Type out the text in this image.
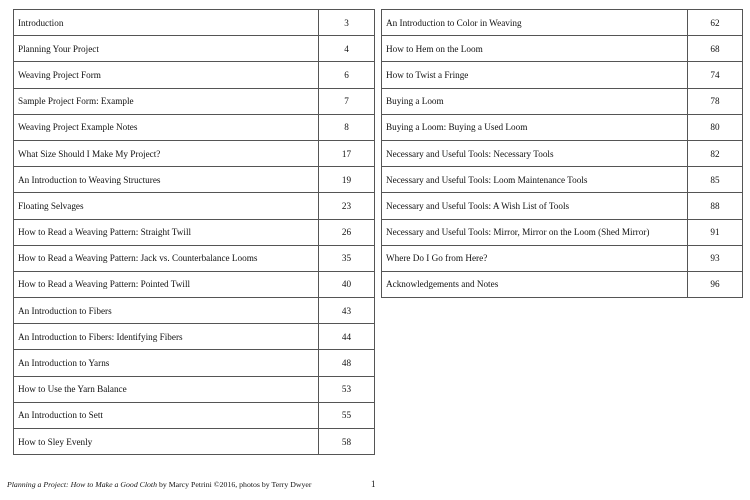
Introduction	3
Planning Your Project	4
Weaving Project Form	6
Sample Project Form: Example	7
Weaving Project Example Notes	8
What Size Should I Make My Project?	17
An Introduction to Weaving Structures	19
Floating Selvages	23
How to Read a Weaving Pattern: Straight Twill	26
How to Read a Weaving Pattern: Jack vs. Counterbalance Looms	35
How to Read a Weaving Pattern: Pointed Twill	40
An Introduction to Fibers	43
An Introduction to Fibers: Identifying Fibers	44
An Introduction to Yarns	48
How to Use the Yarn Balance	53
An Introduction to Sett	55
How to Sley Evenly	58
An Introduction to Color in Weaving	62
How to Hem on the Loom	68
How to Twist a Fringe	74
Buying a Loom	78
Buying a Loom: Buying a Used Loom	80
Necessary and Useful Tools: Necessary Tools	82
Necessary and Useful Tools: Loom Maintenance Tools	85
Necessary and Useful Tools: A Wish List of Tools	88
Necessary and Useful Tools: Mirror, Mirror on the Loom (Shed Mirror)	91
Where Do I Go from Here?	93
Acknowledgements and Notes	96
Planning a Project: How to Make a Good Cloth by Marcy Petrini ©2016, photos by Terry Dwyer	1
